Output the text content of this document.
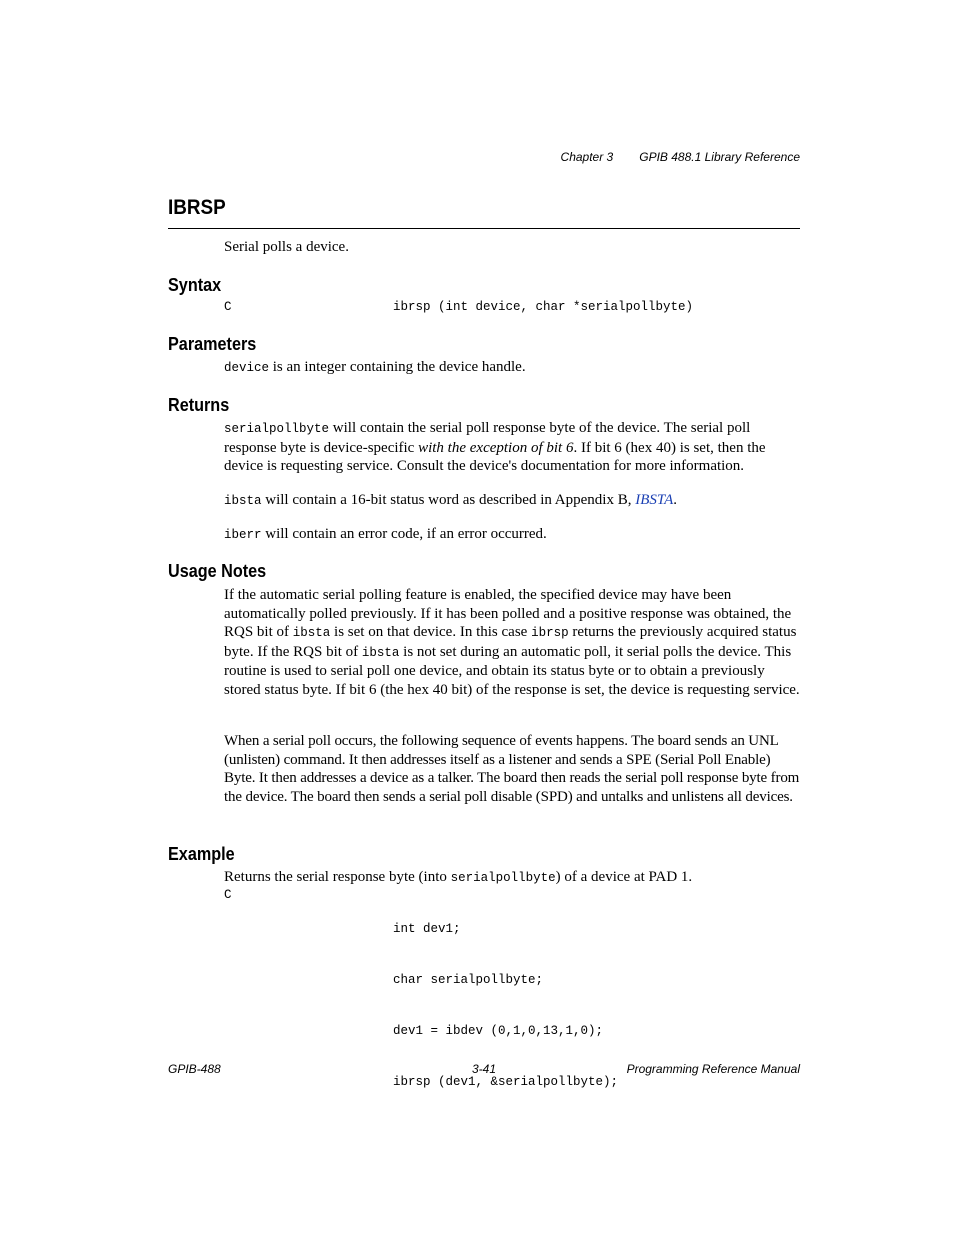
Chapter 3 GPIB 488.1 Library Reference
IBRSP

Serial polls a device.

Syntax
C	ibrsp (int device, char *serialpollbyte)
Parameters

device is an integer containing the device handle.

Returns

serialpollbyte will contain the serial poll response byte of the device. The serial poll response byte is device-specific with the exception of bit 6. If bit 6 (hex 40) is set, then the device is requesting service. Consult the device's documentation for more information.

ibsta will contain a 16-bit status word as described in Appendix B, IBSTA.

iberr will contain an error code, if an error occurred.

Usage Notes

If the automatic serial polling feature is enabled, the specified device may have been automatically polled previously. If it has been polled and a positive response was obtained, the RQS bit of ibsta is set on that device. In this case ibrsp returns the previously acquired status byte. If the RQS bit of ibsta is not set during an automatic poll, it serial polls the device. This routine is used to serial poll one device, and obtain its status byte or to obtain a previously stored status byte. If bit 6 (the hex 40 bit) of the response is set, the device is requesting service.

When a serial poll occurs, the following sequence of events happens. The board sends an UNL (unlisten) command. It then addresses itself as a listener and sends a SPE (Serial Poll Enable) Byte. It then addresses a device as a talker. The board then reads the serial poll response byte from the device. The board then sends a serial poll disable (SPD) and untalks and unlistens all devices.

Example

Returns the serial response byte (into serialpollbyte) of a device at PAD 1.

C

int dev1;

char serialpollbyte;

dev1 = ibdev (0,1,0,13,1,0);

ibrsp (dev1, &serialpollbyte);

GPIB-488	3-41	Programming Reference Manual
